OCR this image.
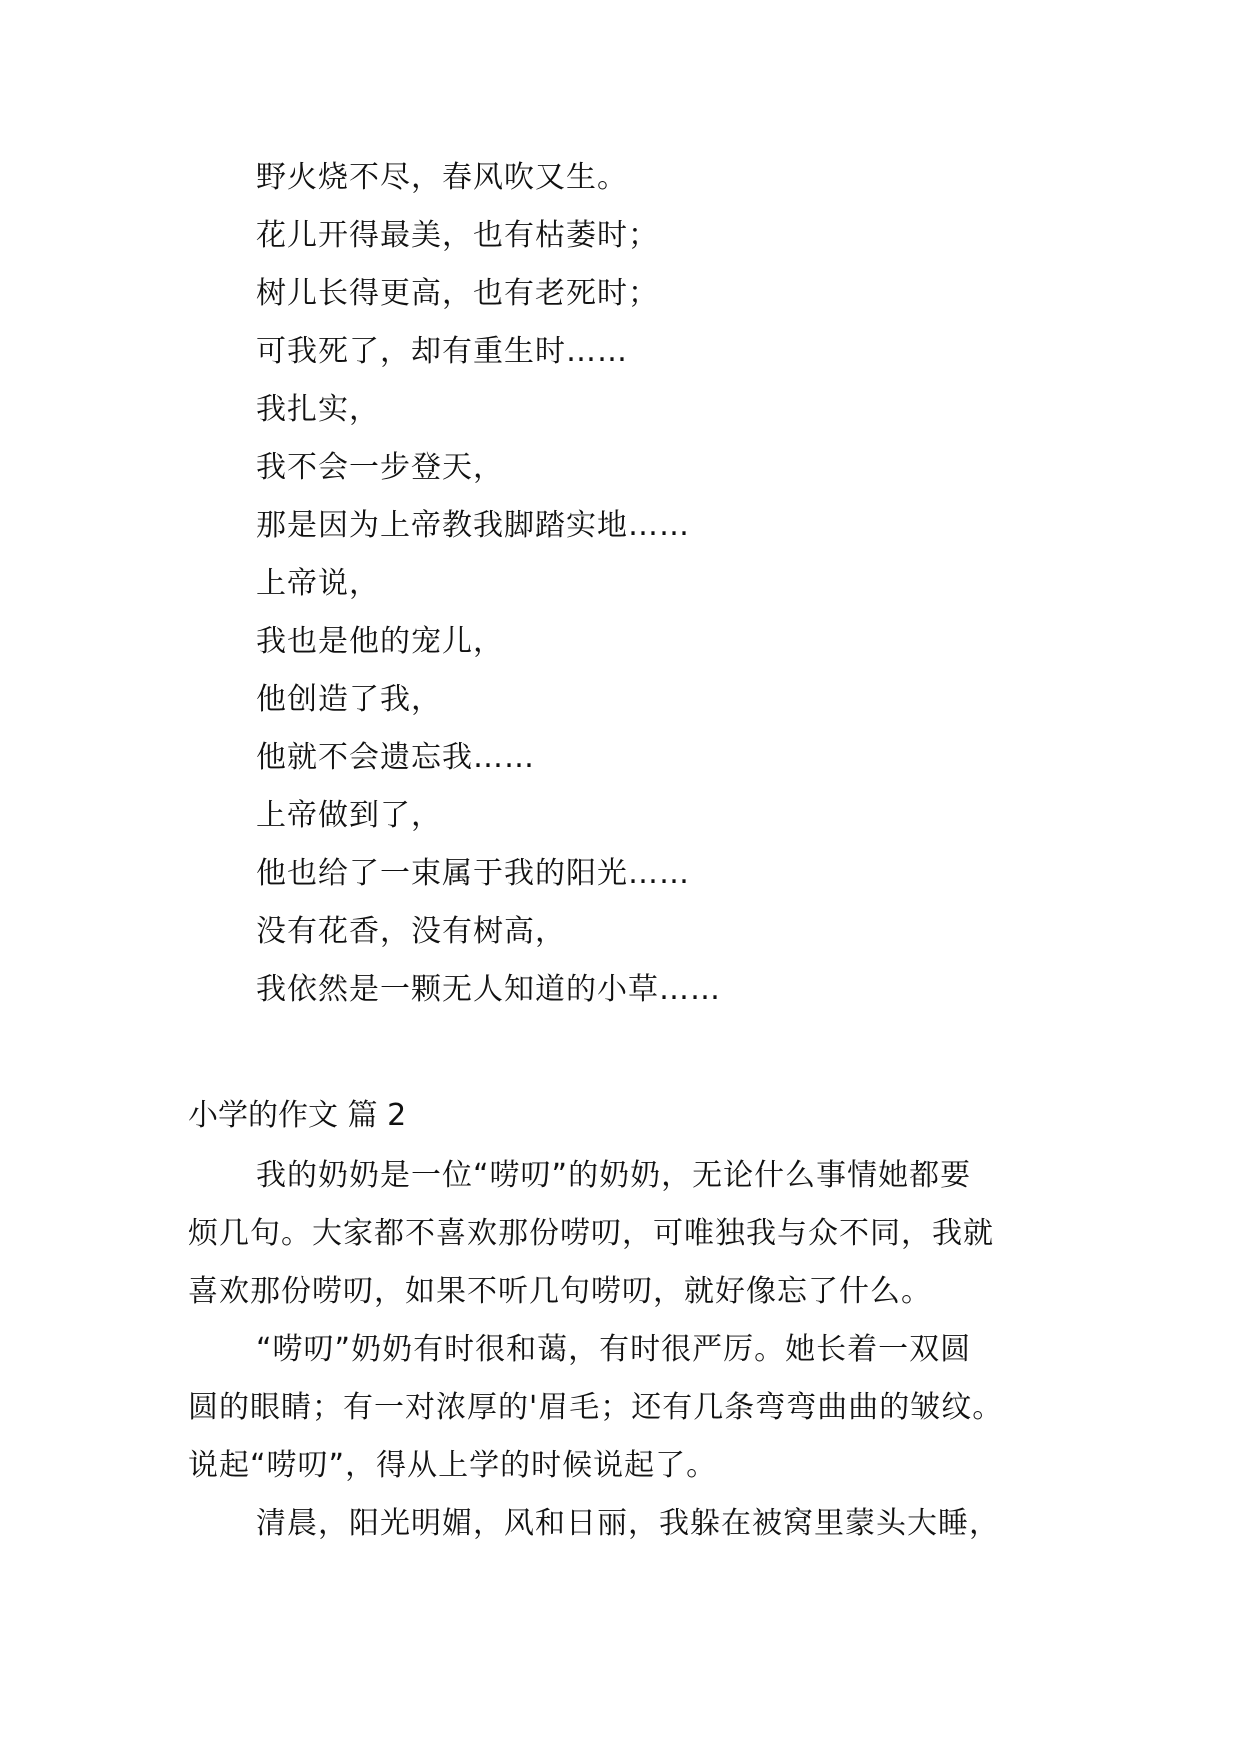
野火烧不尽，春风吹又生。
花儿开得最美，也有枯萎时；
树儿长得更高，也有老死时；
可我死了，却有重生时……
我扎实，
我不会一步登天，
那是因为上帝教我脚踏实地……
上帝说，
我也是他的宠儿，
他创造了我，
他就不会遗忘我……
上帝做到了，
他也给了一束属于我的阳光……
没有花香，没有树高，
我依然是一颗无人知道的小草……
小学的作文 篇 2
我的奶奶是一位“唠叨”的奶奶，无论什么事情她都要
烦几句。大家都不喜欢那份唠叨，可唯独我与众不同，我就
喜欢那份唠叨，如果不听几句唠叨，就好像忘了什么。
“唠叨”奶奶有时很和蔼，有时很严厉。她长着一双圆
圆的眼睛；有一对浓厚的'眉毛；还有几条弯弯曲曲的皱纹。
说起“唠叨”，得从上学的时候说起了。
清晨，阳光明媚，风和日丽，我躲在被窝里蒙头大睡，
